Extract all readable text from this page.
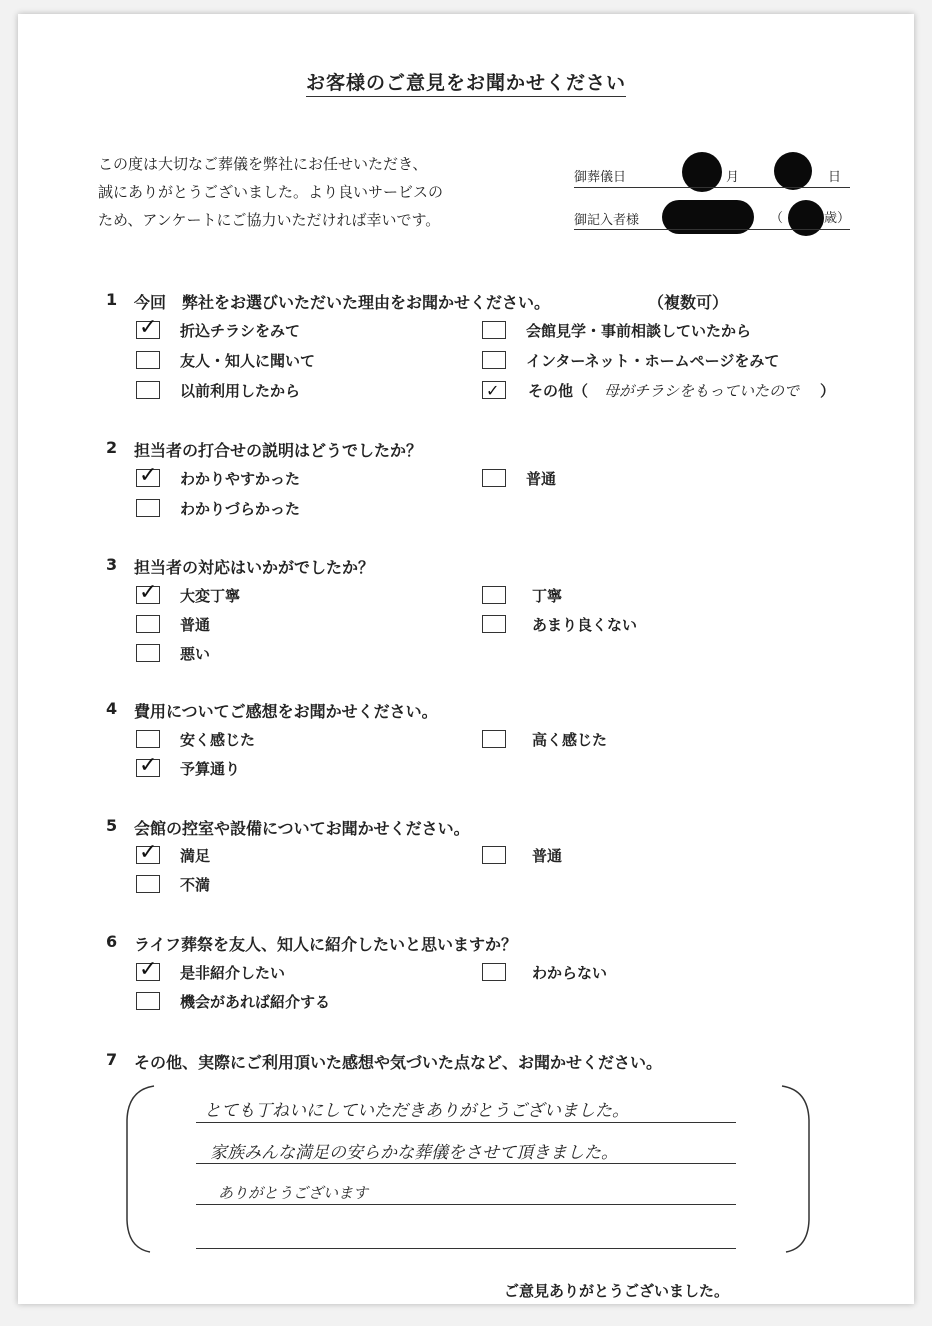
お客様のご意見をお聞かせください
この度は大切なご葬儀を弊社にお任せいただき、
誠にありがとうございました。より良いサービスの
ため、アンケートにご協力いただければ幸いです。
御葬儀日	月	日
御記入者様	（	歳）
1 今回　弊社をお選びいただいた理由をお聞かせください。	（複数可）
✓ 折込チラシをみて	会館見学・事前相談していたから
友人・知人に聞いて	インターネット・ホームページをみて
以前利用したから	✓ その他（ 母がチラシをもっていたので ）
2 担当者の打合せの説明はどうでしたか？
✓ わかりやすかった	普通
わかりづらかった
3 担当者の対応はいかがでしたか？
✓ 大変丁寧	丁寧
普通	あまり良くない
悪い
4 費用についてご感想をお聞かせください。
安く感じた	高く感じた
✓ 予算通り
5 会館の控室や設備についてお聞かせください。
✓ 満足	普通
不満
6 ライフ葬祭を友人、知人に紹介したいと思いますか？
✓ 是非紹介したい	わからない
機会があれば紹介する
7 その他、実際にご利用頂いた感想や気づいた点など、お聞かせください。
とても丁ねいにしていただきありがとうございました。
家族みんな満足の安らかな葬儀をさせて頂きました。
ありがとうございます
ご意見ありがとうございました。
